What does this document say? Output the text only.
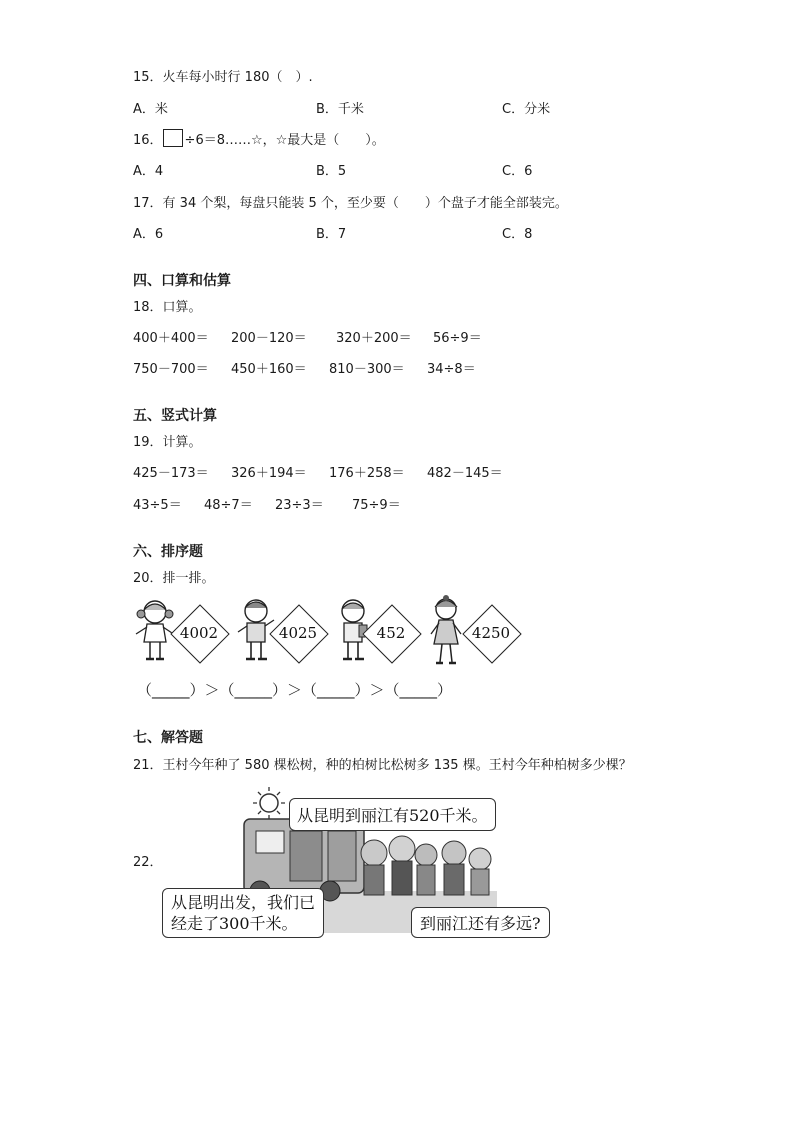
15．火车每小时行 180（　）.
A．米	B．千米	C．分米
16． ÷6＝8……☆，☆最大是（　　）。
A．4	B．5	C．6
17．有 34 个梨，每盘只能装 5 个，至少要（　　）个盘子才能全部装完。
A．6	B．7	C．8
四、口算和估算
18．口算。
400＋400＝ 200－120＝ 320＋200＝ 56÷9＝
750－700＝ 450＋160＝ 810－300＝ 34÷8＝
五、竖式计算
19．计算。
425－173＝ 326＋194＝ 176＋258＝ 482－145＝
43÷5＝ 48÷7＝ 23÷3＝ 75÷9＝
六、排序题
20．排一排。
4002	4025	452	4250
（_____）＞（_____）＞（_____）＞（_____）
七、解答题
21．王村今年种了 580 棵松树，种的柏树比松树多 135 棵。王村今年种柏树多少棵？
22．
从昆明到丽江有520千米。
从昆明出发，我们已
经走了300千米。	到丽江还有多远?
